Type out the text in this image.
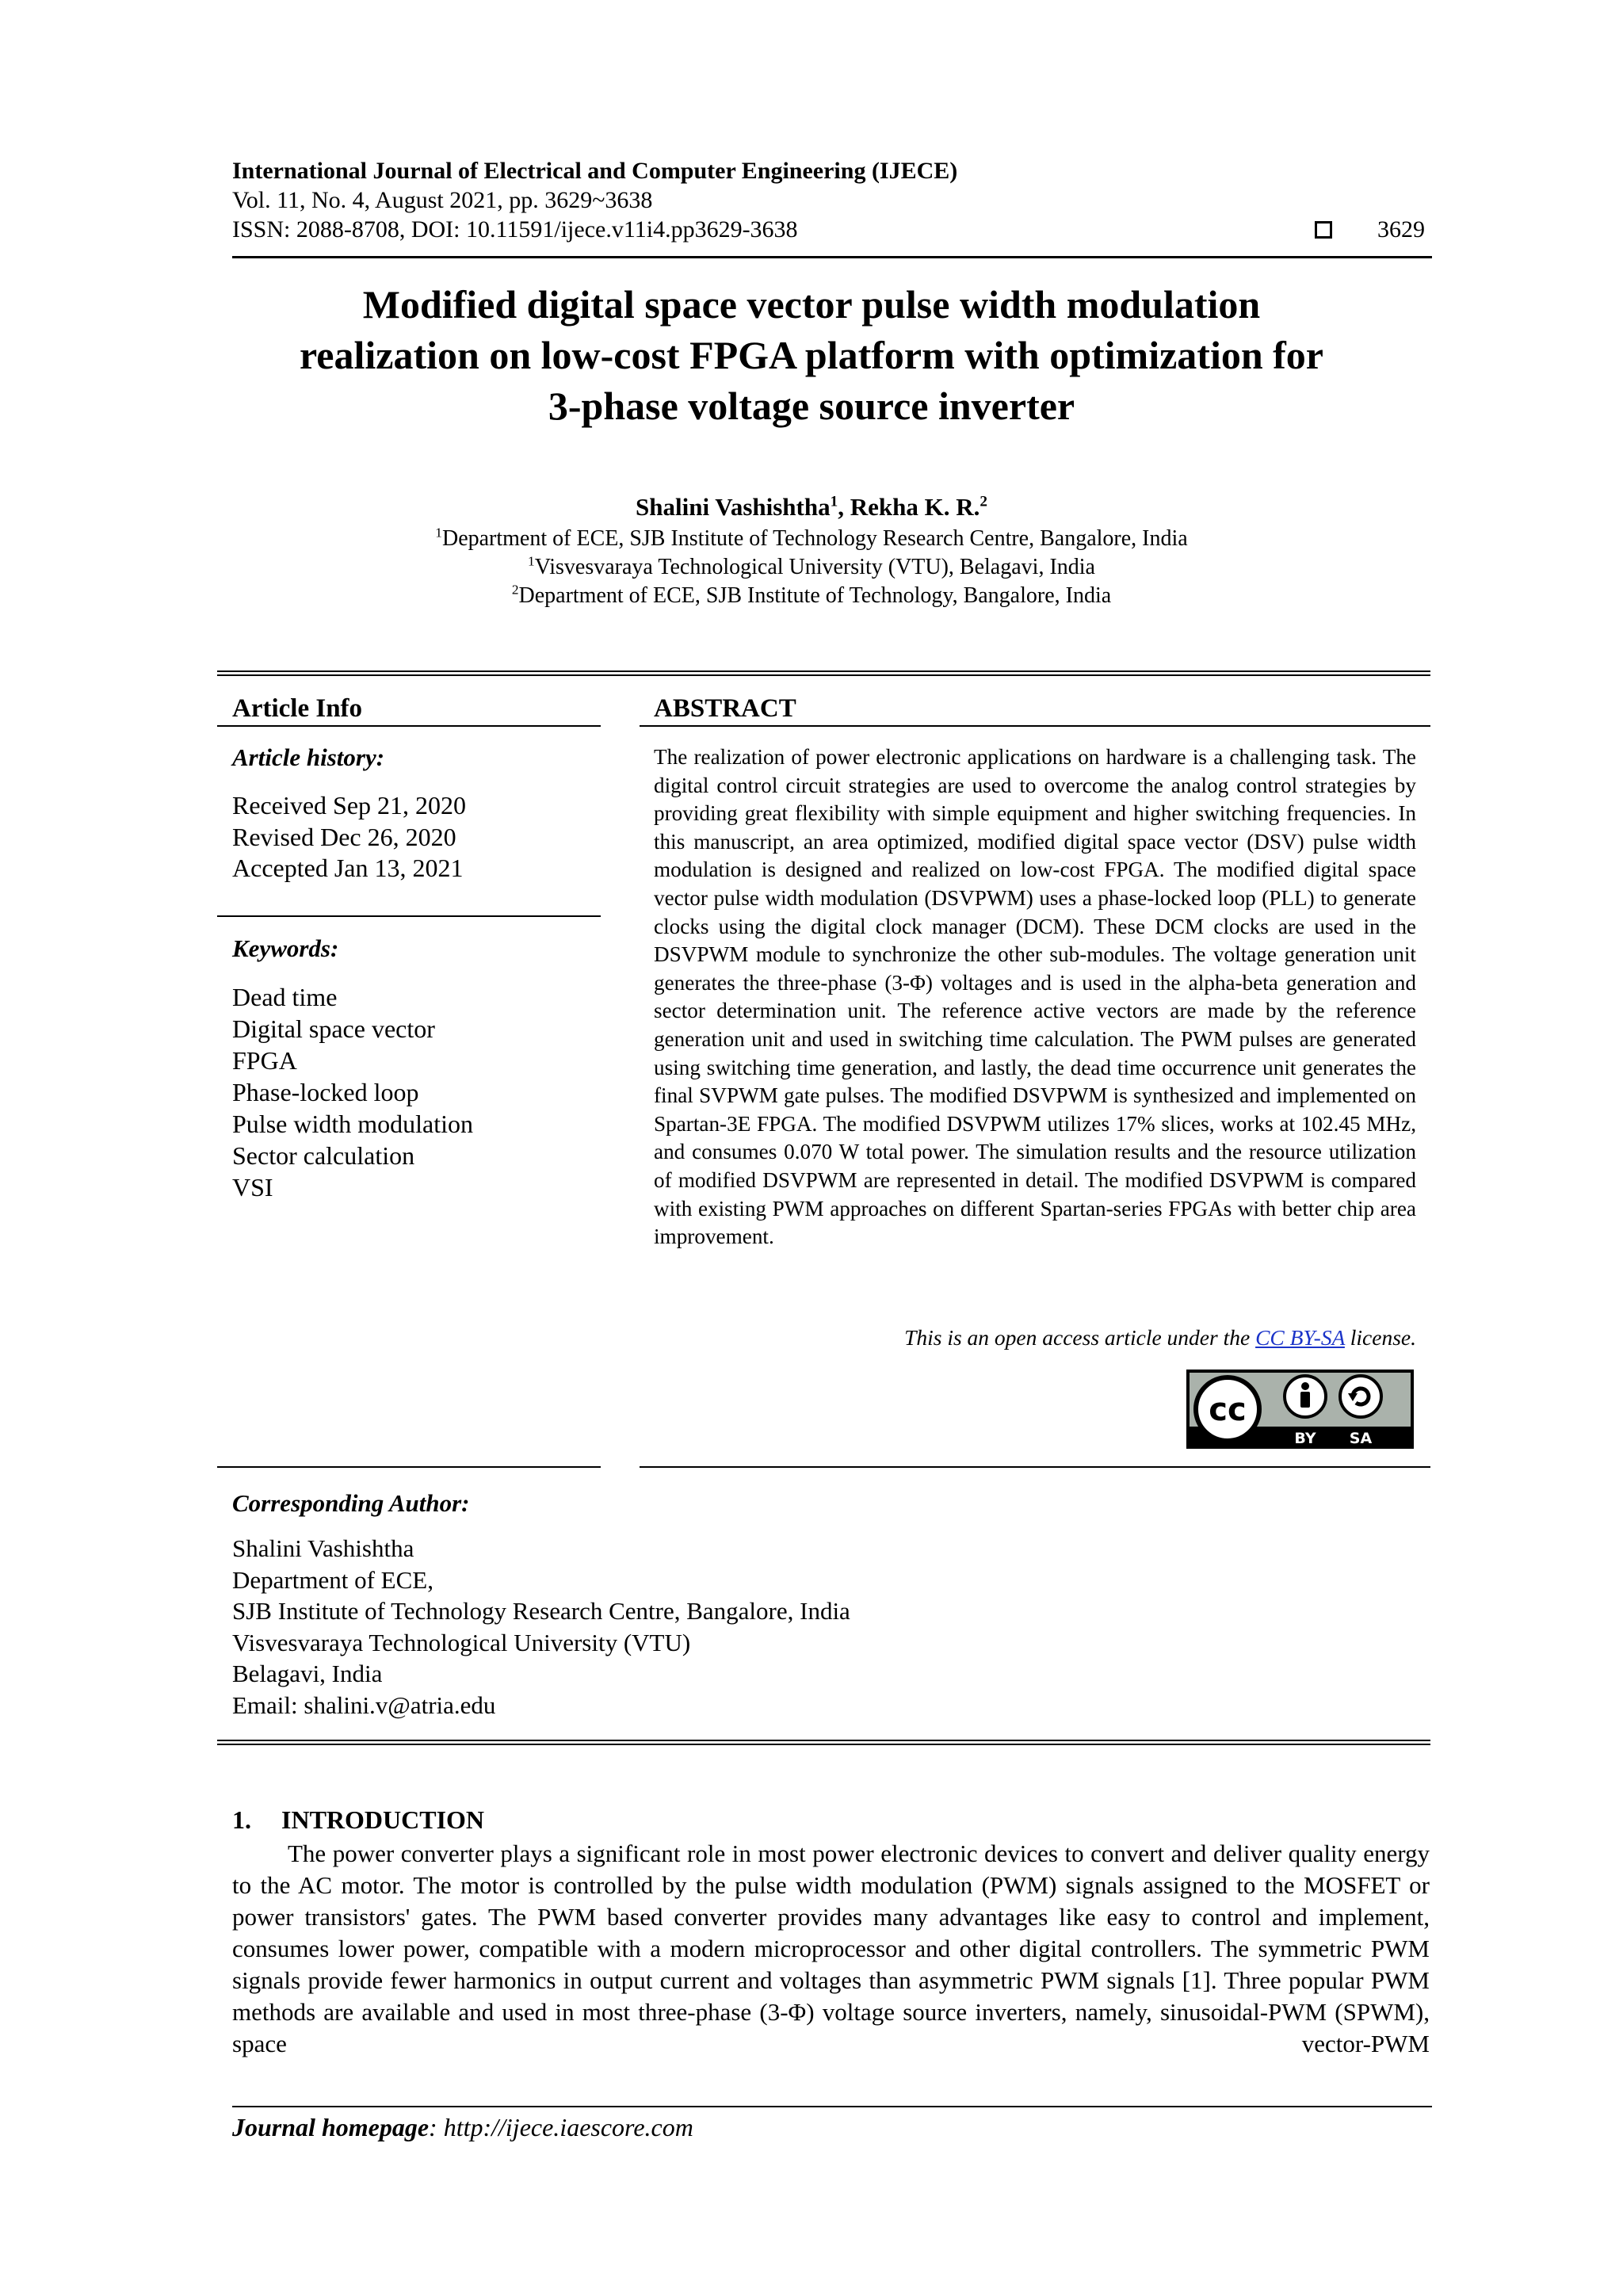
International Journal of Electrical and Computer Engineering (IJECE)
Vol. 11, No. 4, August 2021, pp. 3629~3638
ISSN: 2088-8708, DOI: 10.11591/ijece.v11i4.pp3629-3638	3629
Modified digital space vector pulse width modulation
realization on low-cost FPGA platform with optimization for
3-phase voltage source inverter
Shalini Vashishtha$^1$, Rekha K. R.$^2$
$^1$Department of ECE, SJB Institute of Technology Research Centre, Bangalore, India
$^1$Visvesvaraya Technological University (VTU), Belagavi, India
$^2$Department of ECE, SJB Institute of Technology, Bangalore, India
Article Info
Article history:
Received Sep 21, 2020
Revised Dec 26, 2020
Accepted Jan 13, 2021
Keywords:
Dead time
Digital space vector
FPGA
Phase-locked loop
Pulse width modulation
Sector calculation
VSI
ABSTRACT

The realization of power electronic applications on hardware is a challenging task. The digital control circuit strategies are used to overcome the analog control strategies by providing great flexibility with simple equipment and higher switching frequencies. In this manuscript, an area optimized, modified digital space vector (DSV) pulse width modulation is designed and realized on low-cost FPGA. The modified digital space vector pulse width modulation (DSVPWM) uses a phase-locked loop (PLL) to generate clocks using the digital clock manager (DCM). These DCM clocks are used in the DSVPWM module to synchronize the other sub-modules. The voltage generation unit generates the three-phase (3-Φ) voltages and is used in the alpha-beta generation and sector determination unit. The reference active vectors are made by the reference generation unit and used in switching time calculation. The PWM pulses are generated using switching time generation, and lastly, the dead time occurrence unit generates the final SVPWM gate pulses. The modified DSVPWM is synthesized and implemented on Spartan-3E FPGA. The modified DSVPWM utilizes 17% slices, works at 102.45 MHz, and consumes 0.070 W total power. The simulation results and the resource utilization of modified DSVPWM are represented in detail. The modified DSVPWM is compared with existing PWM approaches on different Spartan-series FPGAs with better chip area improvement.

This is an open access article under the CC BY-SA license.
cc
BY SA
Corresponding Author:
Shalini Vashishtha
Department of ECE,
SJB Institute of Technology Research Centre, Bangalore, India
Visvesvaraya Technological University (VTU)
Belagavi, India
Email: shalini.v@atria.edu
1. INTRODUCTION

The power converter plays a significant role in most power electronic devices to convert and deliver quality energy to the AC motor. The motor is controlled by the pulse width modulation (PWM) signals assigned to the MOSFET or power transistors' gates. The PWM based converter provides many advantages like easy to control and implement, consumes lower power, compatible with a modern microprocessor and other digital controllers. The symmetric PWM signals provide fewer harmonics in output current and voltages than asymmetric PWM signals [1]. Three popular PWM methods are available and used in most three-phase (3-Φ) voltage source inverters, namely, sinusoidal-PWM (SPWM), space vector-PWM

Journal homepage: http://ijece.iaescore.com
